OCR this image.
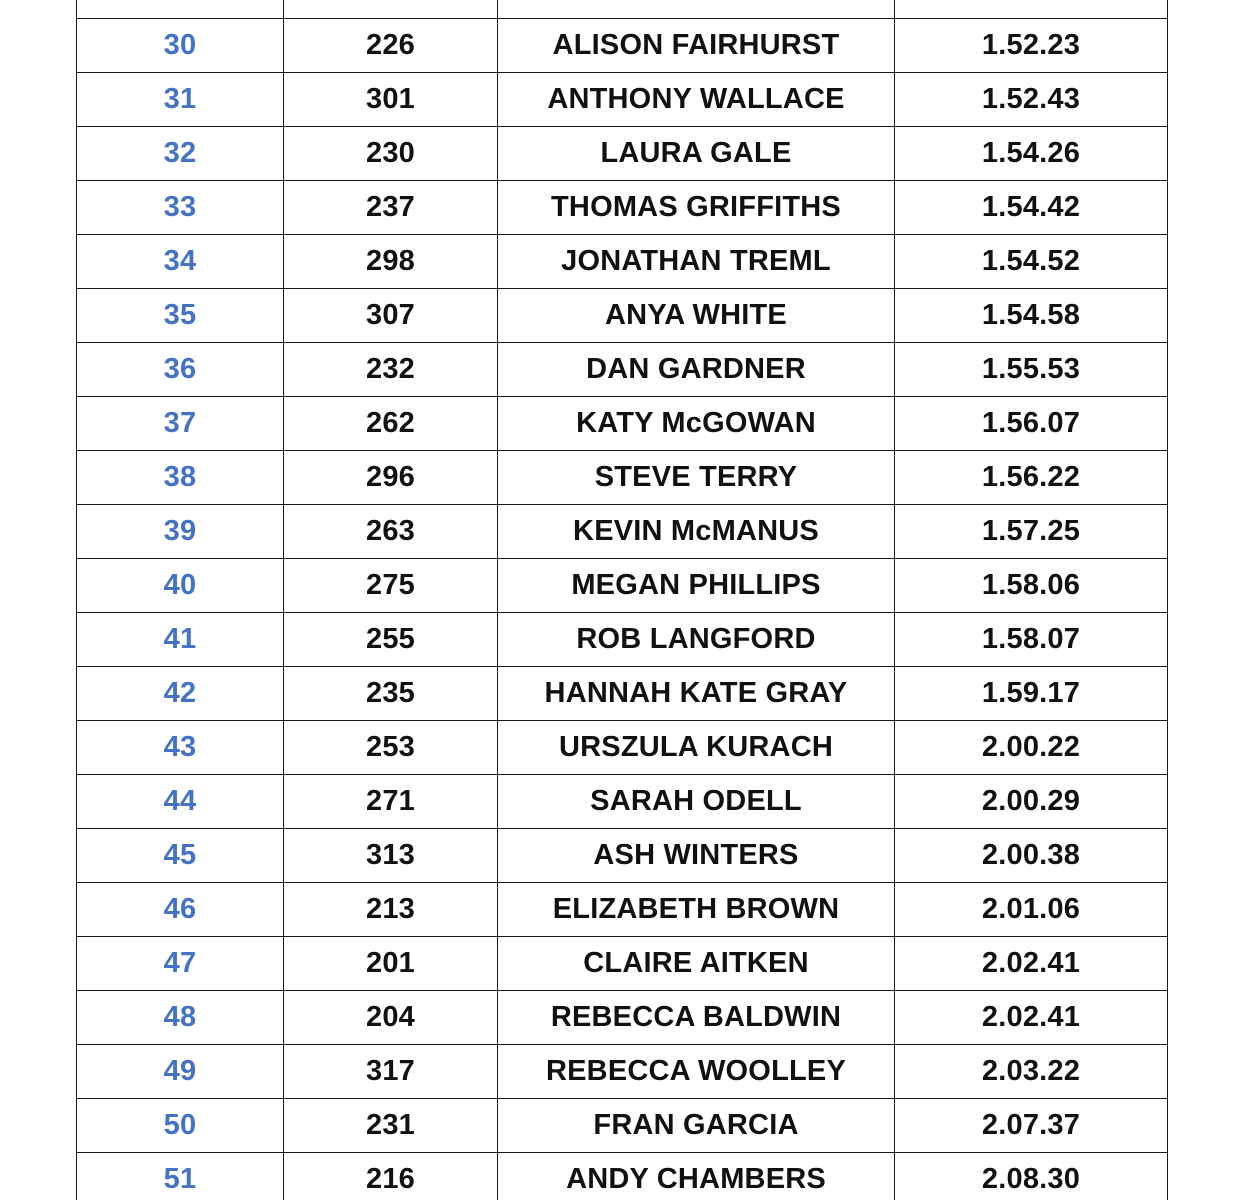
30	226	ALISON FAIRHURST	1.52.23
31	301	ANTHONY WALLACE	1.52.43
32	230	LAURA GALE	1.54.26
33	237	THOMAS GRIFFITHS	1.54.42
34	298	JONATHAN TREML	1.54.52
35	307	ANYA WHITE	1.54.58
36	232	DAN GARDNER	1.55.53
37	262	KATY McGOWAN	1.56.07
38	296	STEVE TERRY	1.56.22
39	263	KEVIN McMANUS	1.57.25
40	275	MEGAN PHILLIPS	1.58.06
41	255	ROB LANGFORD	1.58.07
42	235	HANNAH KATE GRAY	1.59.17
43	253	URSZULA KURACH	2.00.22
44	271	SARAH ODELL	2.00.29
45	313	ASH WINTERS	2.00.38
46	213	ELIZABETH BROWN	2.01.06
47	201	CLAIRE AITKEN	2.02.41
48	204	REBECCA BALDWIN	2.02.41
49	317	REBECCA WOOLLEY	2.03.22
50	231	FRAN GARCIA	2.07.37
51	216	ANDY CHAMBERS	2.08.30
